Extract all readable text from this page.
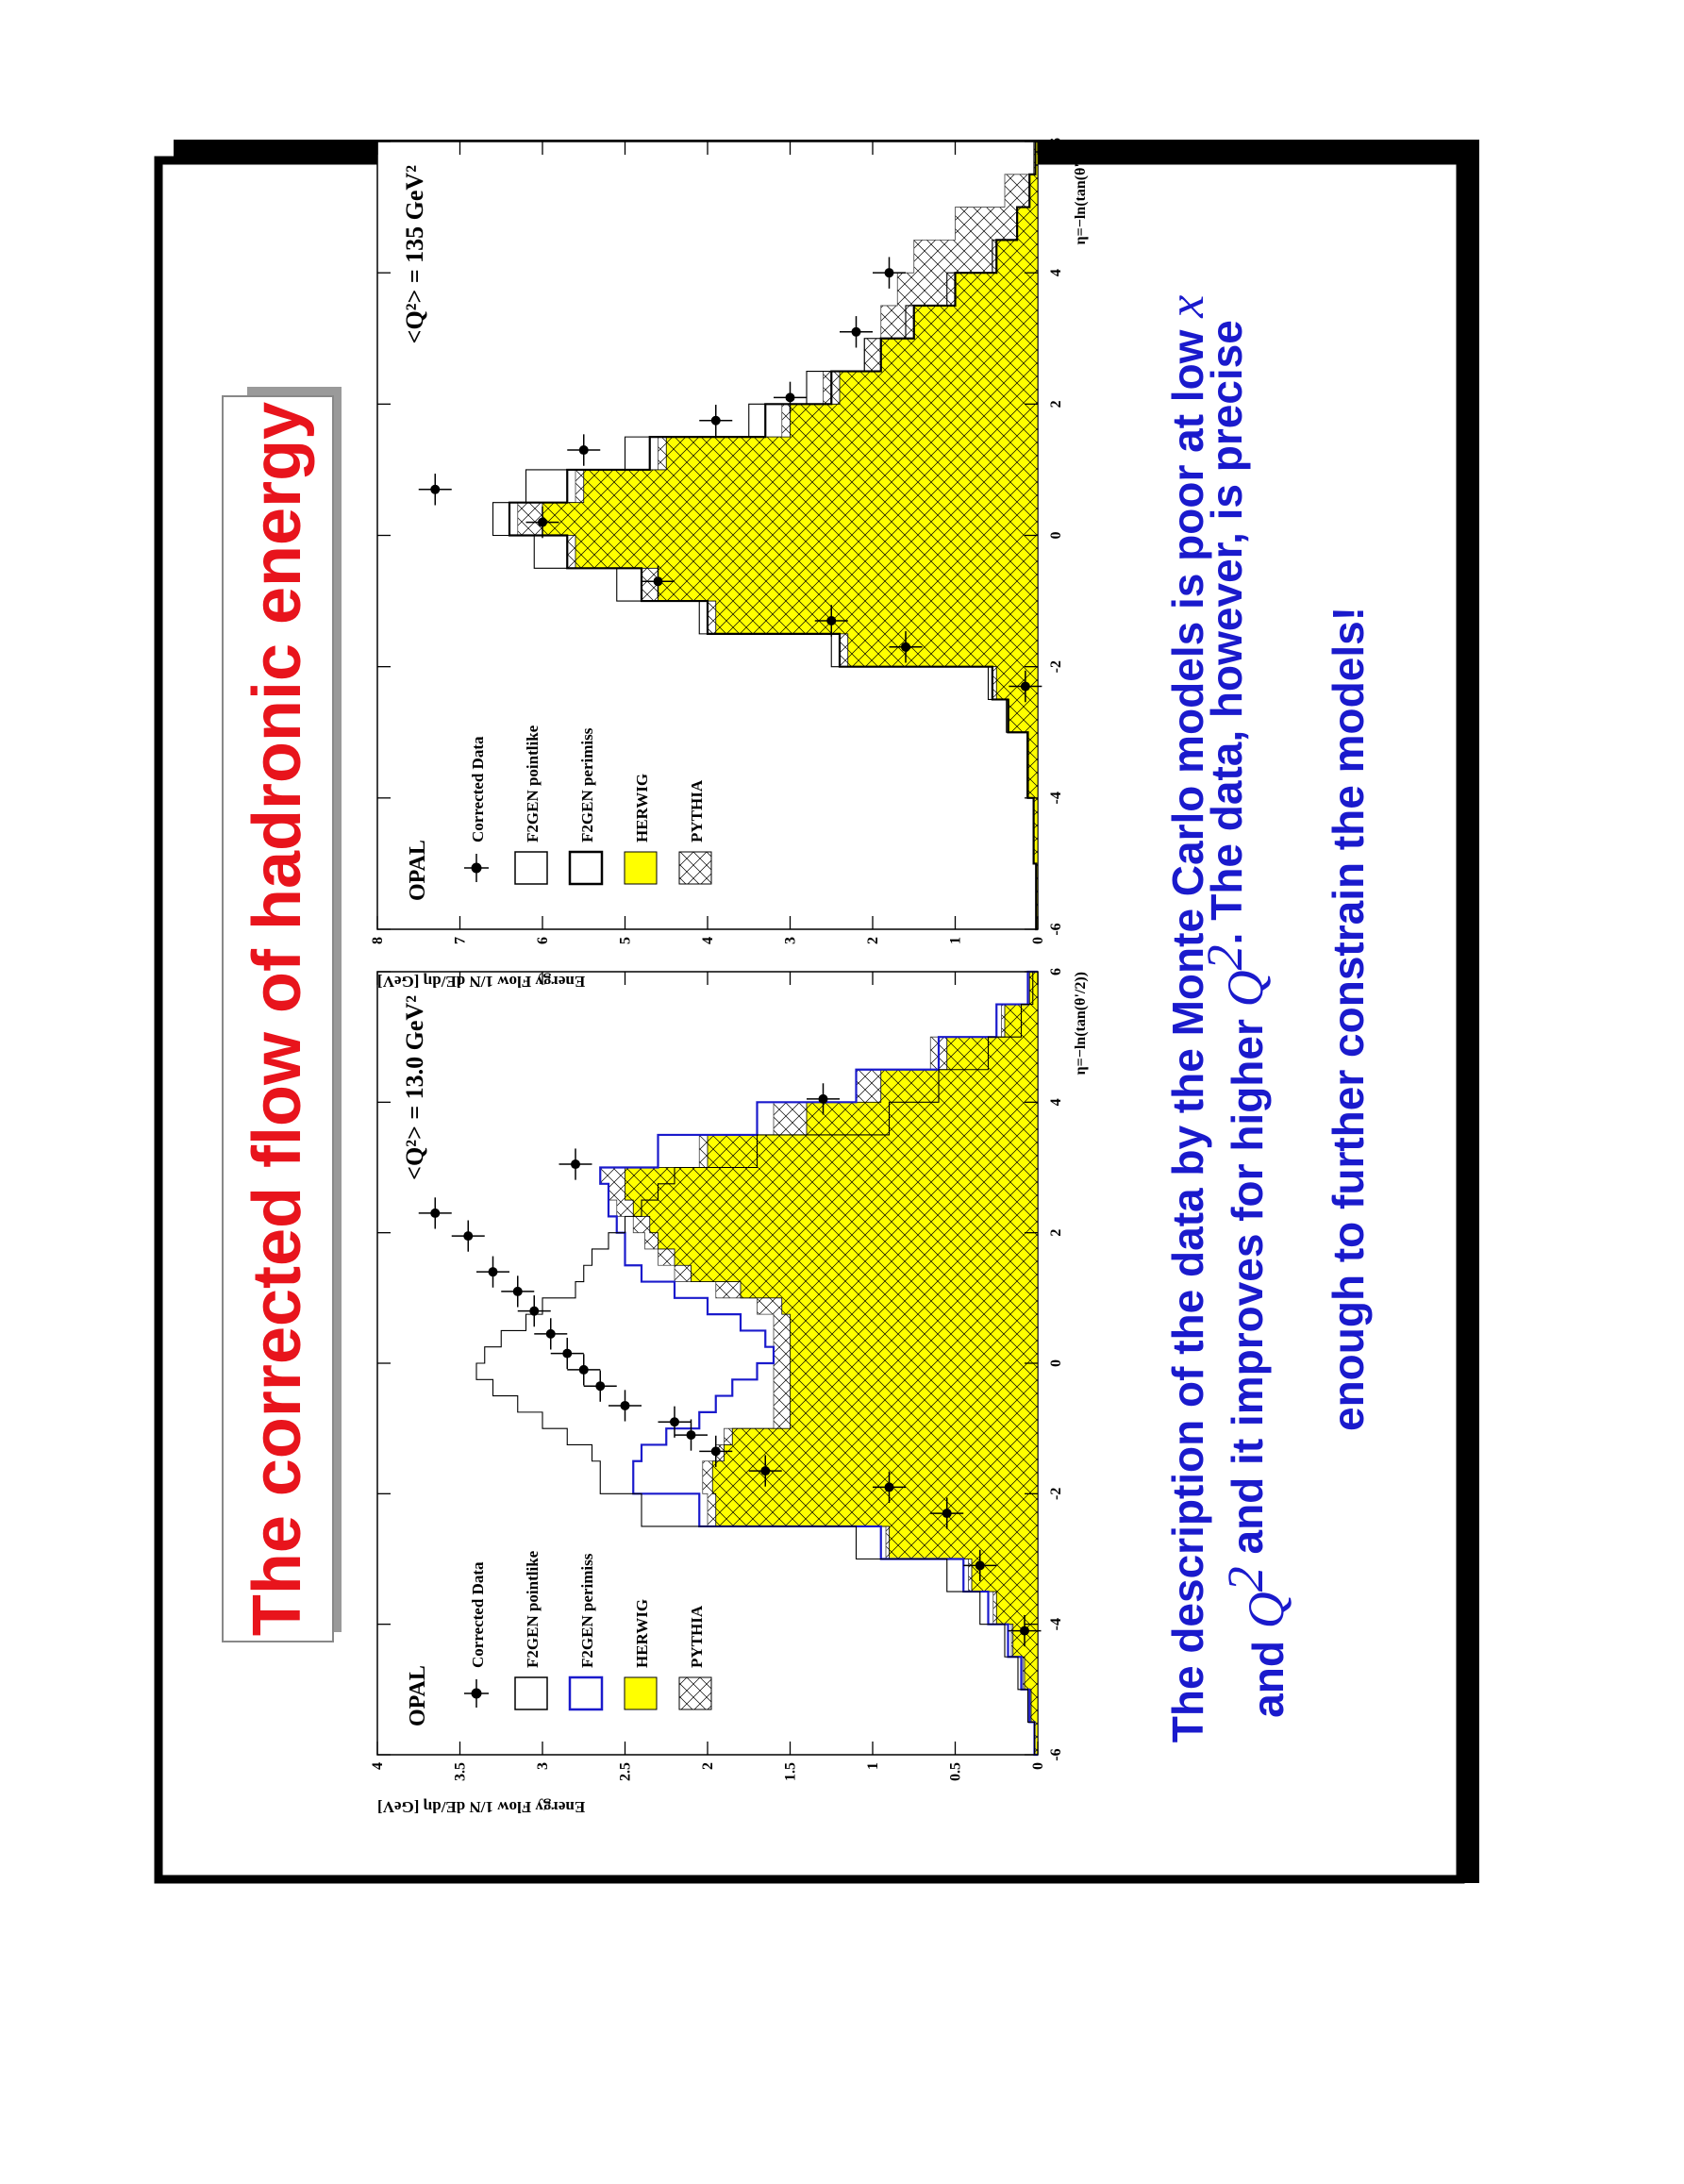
The corrected flow of hadronic energy
-6
-4
-2
0
2
4
6
0
0.5
1
1.5
2
2.5
3
3.5
4
η=−ln(tan(θ'/2))
Energy Flow 1/N dE/dη [GeV]
<Q²> = 13.0 GeV²
OPAL
Corrected Data F2GEN pointlike F2GEN perimiss HERWIG PYTHIA
-6
-4
-2
0
2
4
6
0
1
2
3
4
5
6
7
8
η=−ln(tan(θ'/2))
Energy Flow 1/N dE/dη [GeV]
<Q²> = 135 GeV²
OPAL
Corrected Data F2GEN pointlike F2GEN perimiss HERWIG PYTHIA	The description of the data by the Monte Carlo models is poor at low x
and Q2 and it improves for higher Q2. The data, however, is precise	enough to further constrain the models!
